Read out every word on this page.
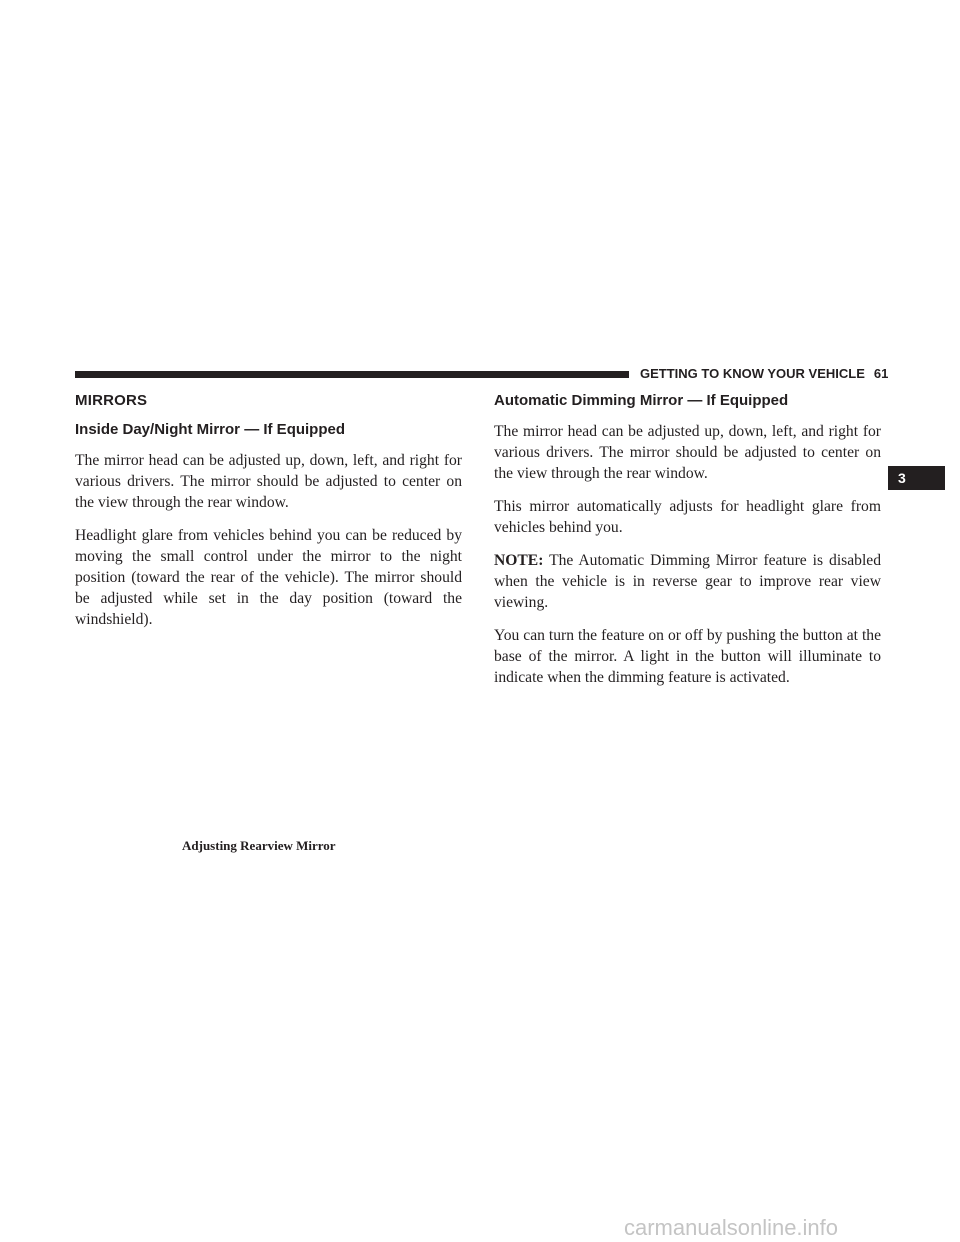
GETTING TO KNOW YOUR VEHICLE 61
MIRRORS
Inside Day/Night Mirror — If Equipped

The mirror head can be adjusted up, down, left, and right for various drivers. The mirror should be adjusted to center on the view through the rear window.

Headlight glare from vehicles behind you can be reduced by moving the small control under the mirror to the night position (toward the rear of the vehicle). The mirror should be adjusted while set in the day position (toward the windshield).

Adjusting Rearview Mirror
Automatic Dimming Mirror — If Equipped

The mirror head can be adjusted up, down, left, and right for various drivers. The mirror should be adjusted to center on the view through the rear window.

This mirror automatically adjusts for headlight glare from vehicles behind you.

NOTE: The Automatic Dimming Mirror feature is disabled when the vehicle is in reverse gear to improve rear view viewing.

You can turn the feature on or off by pushing the button at the base of the mirror. A light in the button will illuminate to indicate when the dimming feature is activated.

3
carmanualsonline.info
